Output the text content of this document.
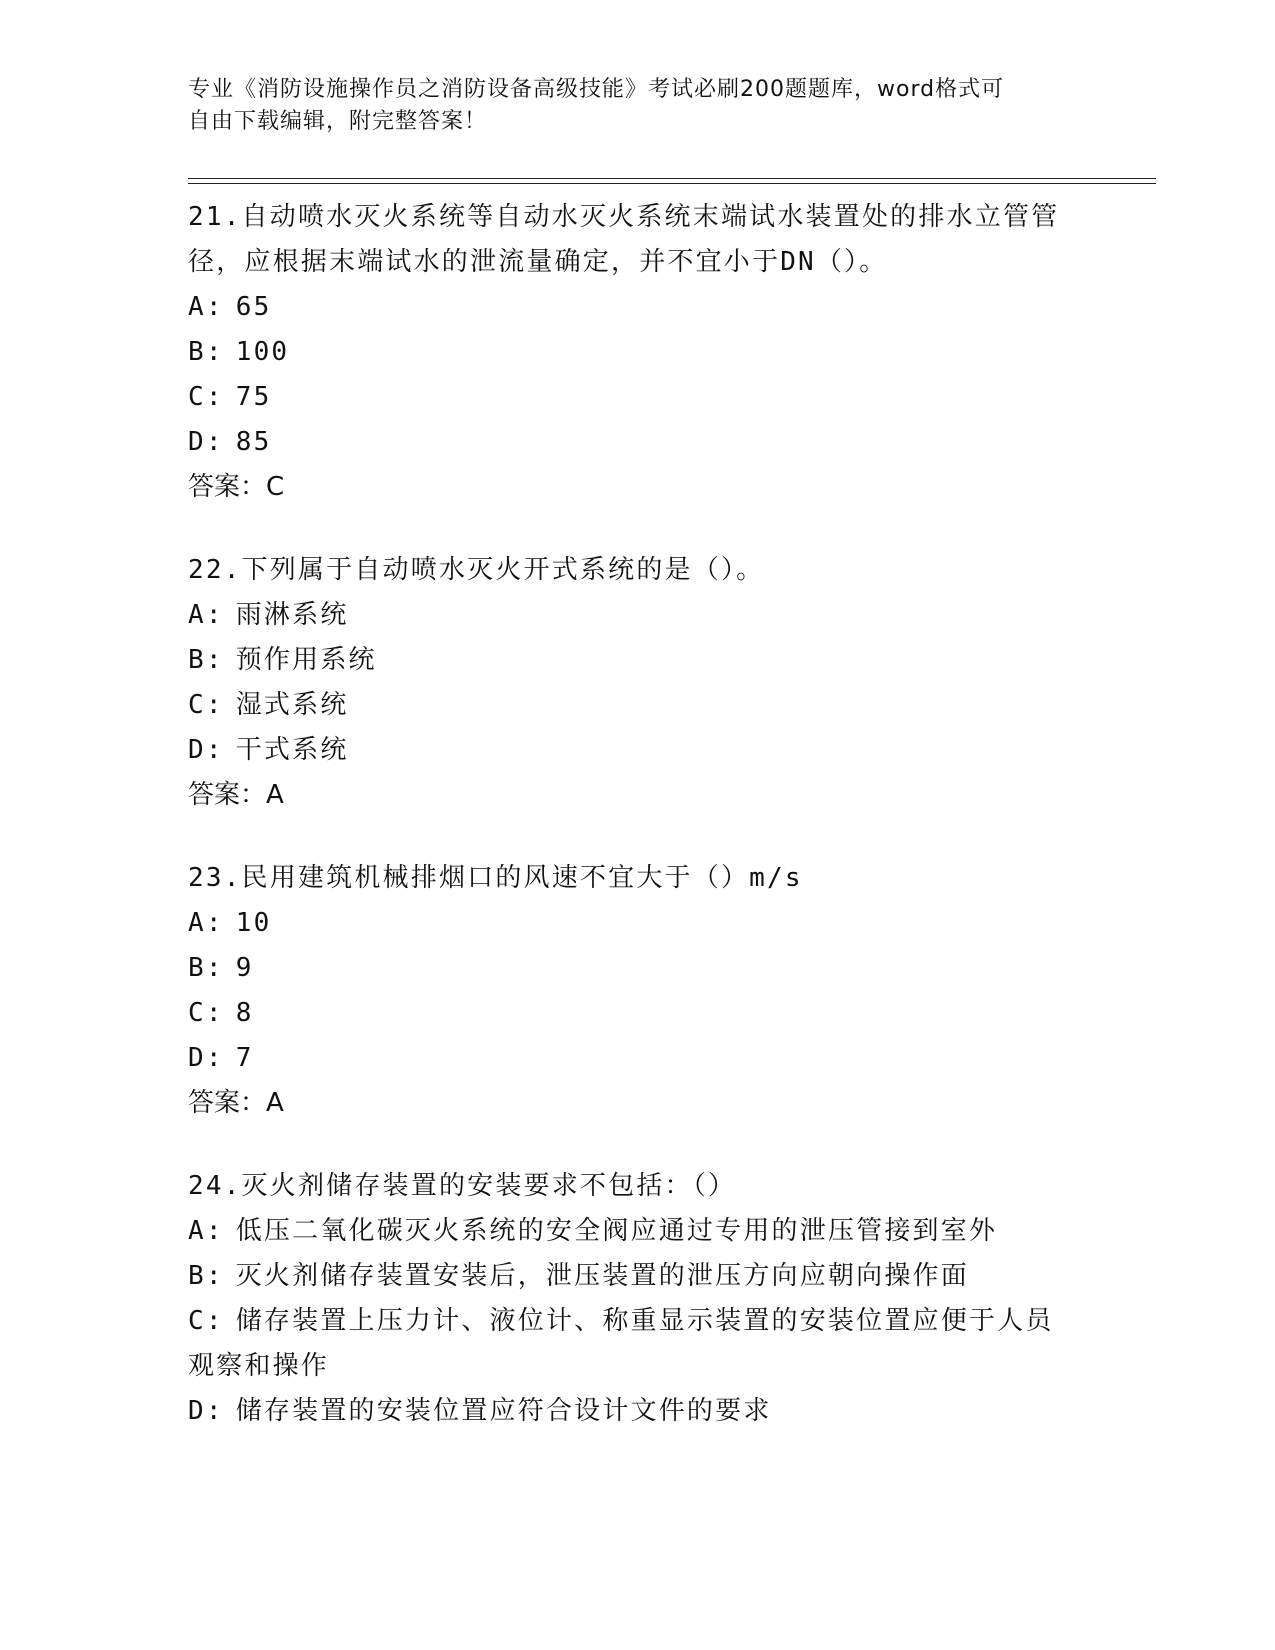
专业《消防设施操作员之消防设备高级技能》考试必刷200题题库，word格式可
自由下载编辑，附完整答案！

21.自动喷水灭火系统等自动水灭火系统末端试水装置处的排水立管管

径，应根据末端试水的泄流量确定，并不宜小于DN（）。

A: 65

B: 100

C: 75

D: 85

答案：C

22.下列属于自动喷水灭火开式系统的是（）。

A: 雨淋系统

B: 预作用系统

C: 湿式系统

D: 干式系统

答案：A

23.民用建筑机械排烟口的风速不宜大于（）m/s

A: 10

B: 9

C: 8

D: 7

答案：A

24.灭火剂储存装置的安装要求不包括：（）

A: 低压二氧化碳灭火系统的安全阀应通过专用的泄压管接到室外

B: 灭火剂储存装置安装后，泄压装置的泄压方向应朝向操作面

C: 储存装置上压力计、液位计、称重显示装置的安装位置应便于人员

观察和操作

D: 储存装置的安装位置应符合设计文件的要求
